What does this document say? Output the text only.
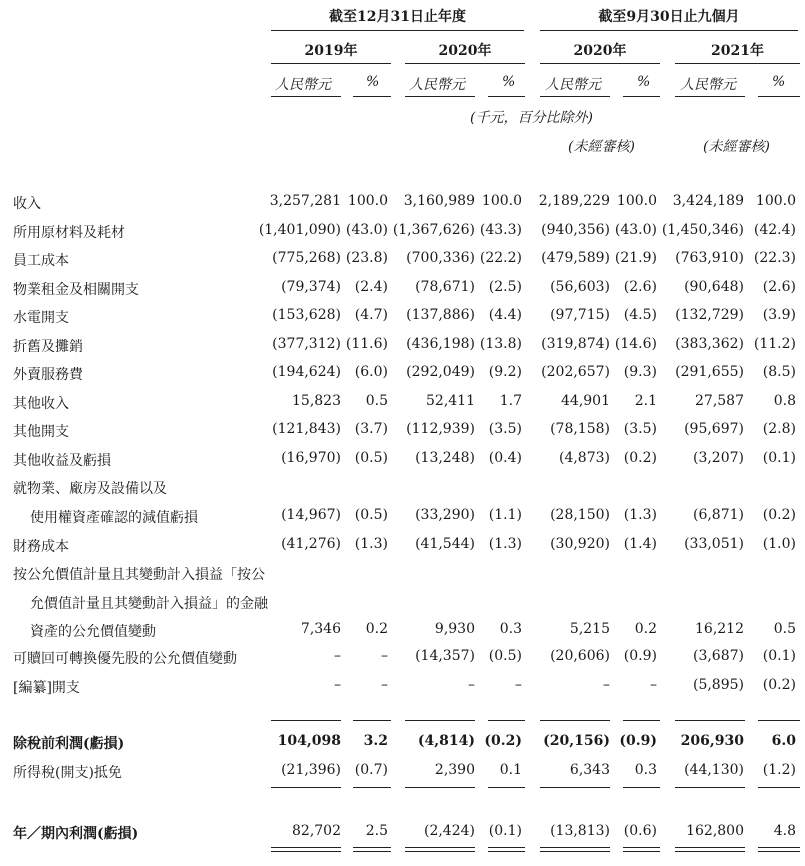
截至12月31日止年度	截至9月30日止九個月
2019年	2020年	2020年	2021年
人民幣元	% 人民幣元	% 人民幣元	% 人民幣元	%
(千元，百分比除外)
(未經審核)	(未經審核)
收入	3,257,281 100.0 3,160,989 100.0 2,189,229 100.0 3,424,189 100.0
所用原材料及耗材	(1,401,090) (43.0) (1,367,626) (43.3) (940,356) (43.0) (1,450,346) (42.4)
員工成本	(775,268) (23.8) (700,336) (22.2) (479,589) (21.9) (763,910) (22.3)
物業租金及相關開支	(79,374) (2.4) (78,671) (2.5) (56,603) (2.6) (90,648) (2.6)
水電開支	(153,628) (4.7) (137,886) (4.4) (97,715) (4.5) (132,729) (3.9)
折舊及攤銷	(377,312) (11.6) (436,198) (13.8) (319,874) (14.6) (383,362) (11.2)
外賣服務費	(194,624) (6.0) (292,049) (9.2) (202,657) (9.3) (291,655) (8.5)
其他收入	15,823 0.5	52,411 1.7	44,901 2.1	27,587 0.8
其他開支	(121,843) (3.7) (112,939) (3.5) (78,158) (3.5) (95,697) (2.8)
其他收益及虧損	(16,970) (0.5) (13,248) (0.4)	(4,873) (0.2)	(3,207) (0.1)
就物業、廠房及設備以及
使用權資產確認的減值虧損	(14,967) (0.5) (33,290) (1.1) (28,150) (1.3)	(6,871) (0.2)
財務成本	(41,276) (1.3) (41,544) (1.3) (30,920) (1.4) (33,051) (1.0)
按公允價值計量且其變動計入損益「按公
允價值計量且其變動計入損益」的金融
資產的公允價值變動	7,346 0.2	9,930 0.3	5,215 0.2	16,212 0.5
可贖回可轉換優先股的公允價值變動	–	– (14,357) (0.5) (20,606) (0.9)	(3,687) (0.1)
[編纂]開支	–	–	–	–	–	–	(5,895) (0.2)
除稅前利潤(虧損)	104,098 3.2 (4,814) (0.2) (20,156) (0.9) 206,930 6.0
所得稅(開支)抵免	(21,396) (0.7)	2,390 0.1	6,343 0.3 (44,130) (1.2)
年／期內利潤(虧損)	82,702 2.5	(2,424) (0.1) (13,813) (0.6) 162,800 4.8
